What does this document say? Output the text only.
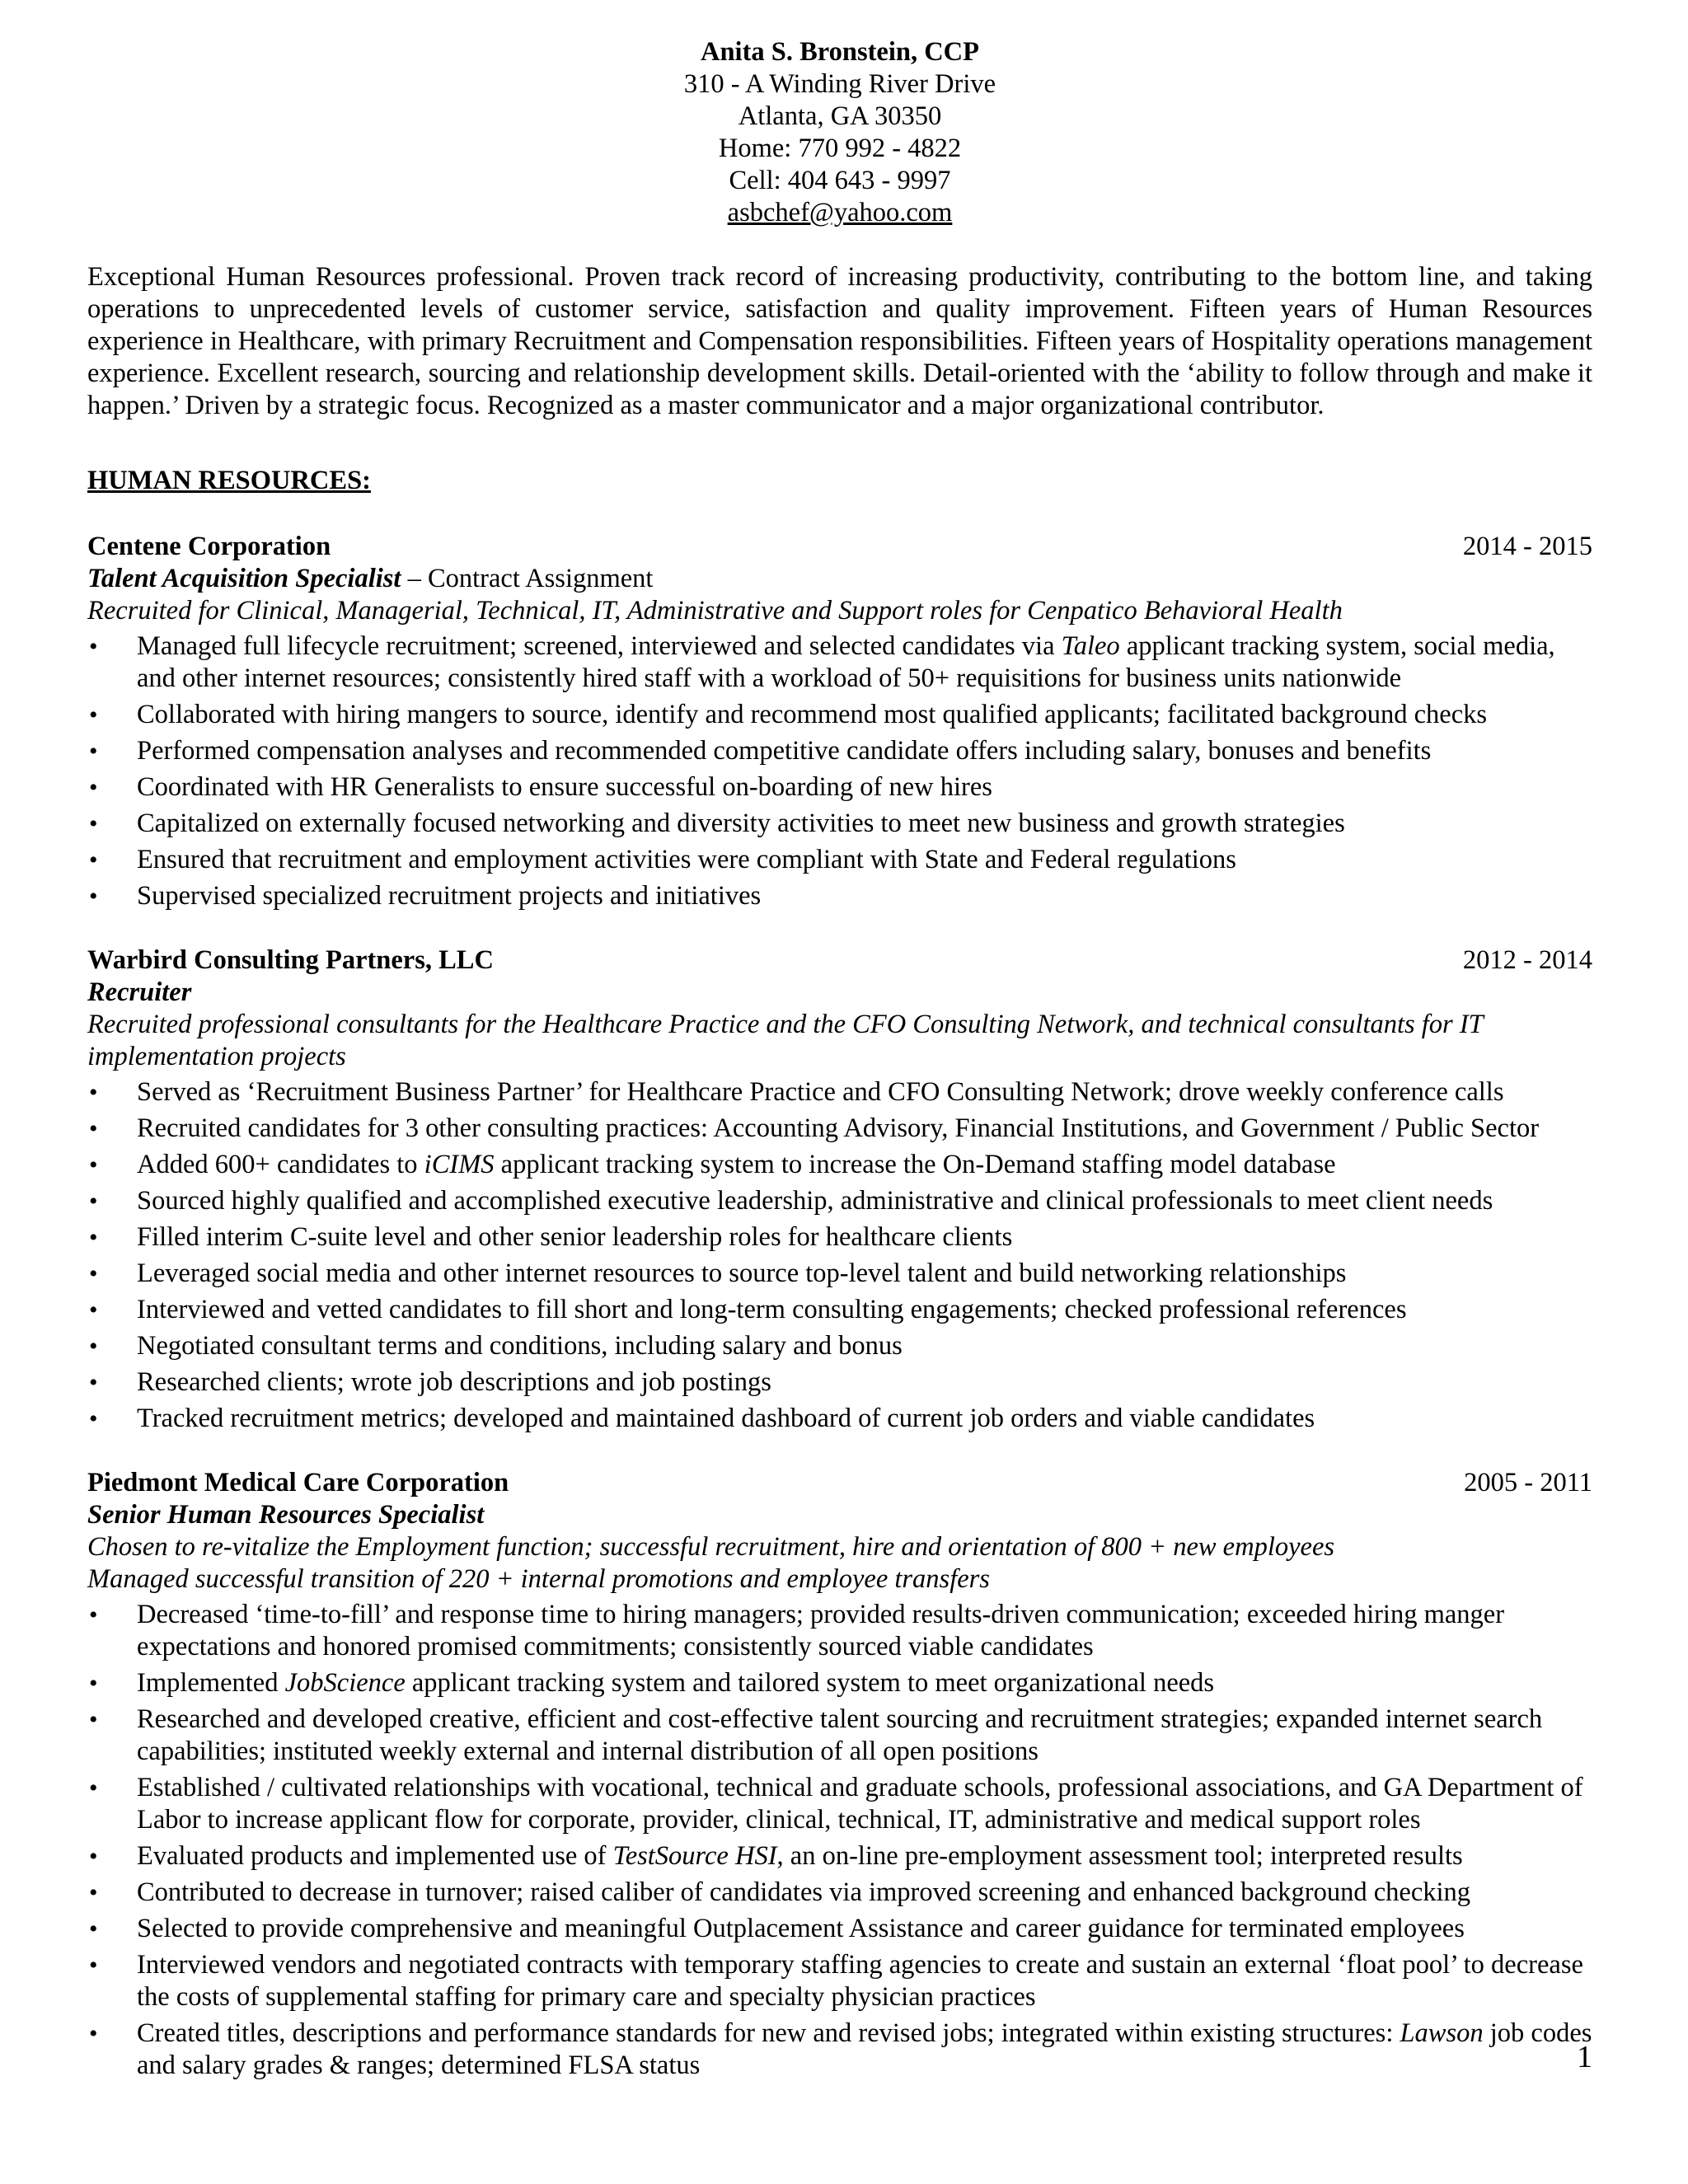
Anita S. Bronstein, CCP
310 - A Winding River Drive
Atlanta, GA 30350
Home: 770 992 - 4822
Cell: 404 643 - 9997
asbchef@yahoo.com
Exceptional Human Resources professional. Proven track record of increasing productivity, contributing to the bottom line, and taking operations to unprecedented levels of customer service, satisfaction and quality improvement. Fifteen years of Human Resources experience in Healthcare, with primary Recruitment and Compensation responsibilities. Fifteen years of Hospitality operations management experience. Excellent research, sourcing and relationship development skills. Detail-oriented with the ‘ability to follow through and make it happen.’ Driven by a strategic focus. Recognized as a master communicator and a major organizational contributor.
HUMAN RESOURCES:
Centene Corporation	2014 - 2015
Talent Acquisition Specialist – Contract Assignment
Recruited for Clinical, Managerial, Technical, IT, Administrative and Support roles for Cenpatico Behavioral Health
• Managed full lifecycle recruitment; screened, interviewed and selected candidates via Taleo applicant tracking system, social media, and other internet resources; consistently hired staff with a workload of 50+ requisitions for business units nationwide
• Collaborated with hiring mangers to source, identify and recommend most qualified applicants; facilitated background checks
• Performed compensation analyses and recommended competitive candidate offers including salary, bonuses and benefits
• Coordinated with HR Generalists to ensure successful on-boarding of new hires
• Capitalized on externally focused networking and diversity activities to meet new business and growth strategies
• Ensured that recruitment and employment activities were compliant with State and Federal regulations
• Supervised specialized recruitment projects and initiatives
Warbird Consulting Partners, LLC	2012 - 2014
Recruiter
Recruited professional consultants for the Healthcare Practice and the CFO Consulting Network, and technical consultants for IT implementation projects
• Served as ‘Recruitment Business Partner’ for Healthcare Practice and CFO Consulting Network; drove weekly conference calls
• Recruited candidates for 3 other consulting practices: Accounting Advisory, Financial Institutions, and Government / Public Sector
• Added 600+ candidates to iCIMS applicant tracking system to increase the On-Demand staffing model database
• Sourced highly qualified and accomplished executive leadership, administrative and clinical professionals to meet client needs
• Filled interim C-suite level and other senior leadership roles for healthcare clients
• Leveraged social media and other internet resources to source top-level talent and build networking relationships
• Interviewed and vetted candidates to fill short and long-term consulting engagements; checked professional references
• Negotiated consultant terms and conditions, including salary and bonus
• Researched clients; wrote job descriptions and job postings
• Tracked recruitment metrics; developed and maintained dashboard of current job orders and viable candidates
Piedmont Medical Care Corporation	2005 - 2011
Senior Human Resources Specialist
Chosen to re-vitalize the Employment function; successful recruitment, hire and orientation of 800 + new employees
Managed successful transition of 220 + internal promotions and employee transfers
• Decreased ‘time-to-fill’ and response time to hiring managers; provided results-driven communication; exceeded hiring manger expectations and honored promised commitments; consistently sourced viable candidates
• Implemented JobScience applicant tracking system and tailored system to meet organizational needs
• Researched and developed creative, efficient and cost-effective talent sourcing and recruitment strategies; expanded internet search capabilities; instituted weekly external and internal distribution of all open positions
• Established / cultivated relationships with vocational, technical and graduate schools, professional associations, and GA Department of Labor to increase applicant flow for corporate, provider, clinical, technical, IT, administrative and medical support roles
• Evaluated products and implemented use of TestSource HSI, an on-line pre-employment assessment tool; interpreted results
• Contributed to decrease in turnover; raised caliber of candidates via improved screening and enhanced background checking
• Selected to provide comprehensive and meaningful Outplacement Assistance and career guidance for terminated employees
• Interviewed vendors and negotiated contracts with temporary staffing agencies to create and sustain an external ‘float pool’ to decrease the costs of supplemental staffing for primary care and specialty physician practices
• Created titles, descriptions and performance standards for new and revised jobs; integrated within existing structures: Lawson job codes and salary grades & ranges; determined FLSA status	1
